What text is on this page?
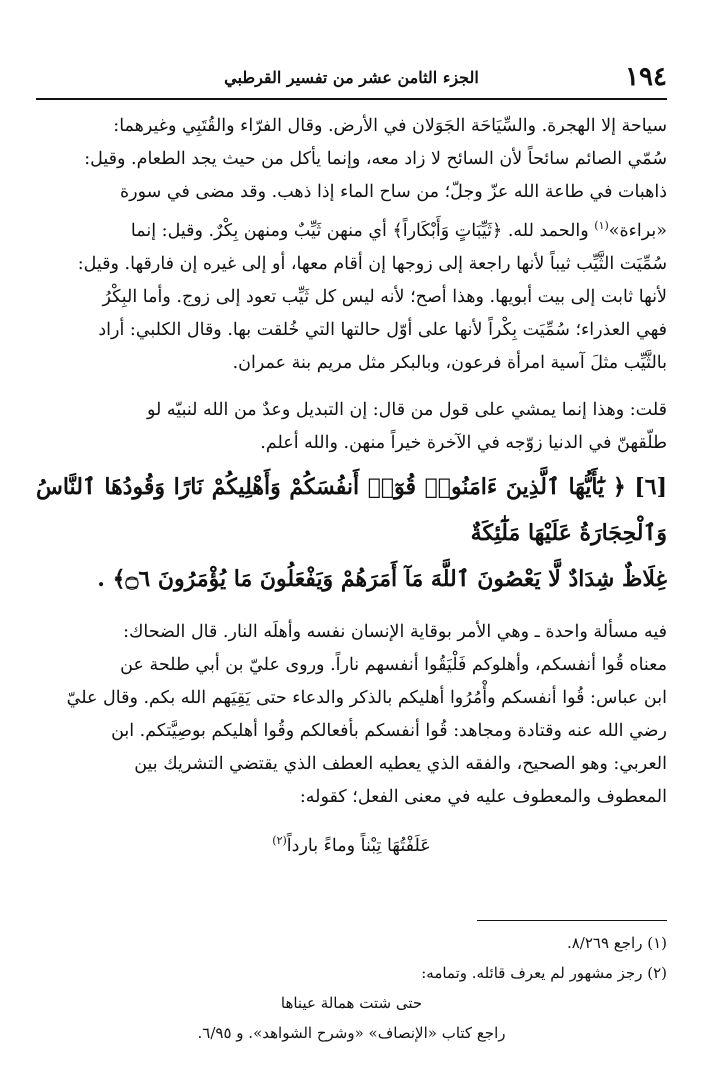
١٩٤
الجزء الثامن عشر من تفسير القرطبي

سياحة إلا الهجرة. والسِّيَاحَة الجَوَلان في الأرض. وقال الفرّاء والقُتَبِي وغيرهما:

سُمّي الصائم سائحاً لأن السائح لا زاد معه، وإنما يأكل من حيث يجد الطعام. وقيل:

ذاهبات في طاعة الله عزّ وجلّ؛ من ساح الماء إذا ذهب. وقد مضى في سورة

«براءة»$^{(١)}$ والحمد لله. ﴿ثَيِّبَاتٍ وَأَبْكَاراً﴾ أي منهن ثَيِّبٌ ومنهن بِكْرٌ. وقيل: إنما

سُمِّيَت الثَّيِّب ثيباً لأنها راجعة إلى زوجها إن أقام معها، أو إلى غيره إن فارقها. وقيل:

لأنها ثابت إلى بيت أبويها. وهذا أصح؛ لأنه ليس كل ثَيِّب تعود إلى زوج. وأما البِكْرُ

فهي العذراء؛ سُمِّيَت بِكْراً لأنها على أوّل حالتها التي خُلقت بها. وقال الكلبي: أراد

بالثَّيِّب مثلَ آسية امرأة فرعون، وبالبكر مثل مريم بنة عمران.

قلت: وهذا إنما يمشي على قول من قال: إن التبديل وعدٌ من الله لنبيّه لو

طلّقهنّ في الدنيا زوّجه في الآخرة خيراً منهن. والله أعلم.

[٦] ﴿ يَٰٓأَيُّهَا ٱلَّذِينَ ءَامَنُوا۟ قُوٓا۟ أَنفُسَكُمْ وَأَهْلِيكُمْ نَارًا وَقُودُهَا ٱلنَّاسُ وَٱلْحِجَارَةُ عَلَيْهَا مَلَٰٓئِكَةٌ
غِلَاظٌ شِدَادٌ لَّا يَعْصُونَ ٱللَّهَ مَآ أَمَرَهُمْ وَيَفْعَلُونَ مَا يُؤْمَرُونَ ۝٦﴾ .

فيه مسألة واحدة ـ وهي الأمر بوقاية الإنسان نفسه وأهلَه النار. قال الضحاك:

معناه قُوا أنفسكم، وأهلوكم فَلْيَقُوا أنفسهم ناراً. وروى عليّ بن أبي طلحة عن

ابن عباس: قُوا أنفسكم وأْمُرُوا أهليكم بالذكر والدعاء حتى يَقِيَهم الله بكم. وقال عليّ

رضي الله عنه وقتادة ومجاهد: قُوا أنفسكم بأفعالكم وقُوا أهليكم بوصِيَّتكم. ابن

العربي: وهو الصحيح، والفقه الذي يعطيه العطف الذي يقتضي التشريك بين

المعطوف والمعطوف عليه في معنى الفعل؛ كقوله:

عَلَفْتُهَا تِبْناً وماءً بارداً$^{(٢)}$

(١) راجع ٨/٢٦٩.

(٢) رجز مشهور لم يعرف قائله. وتمامه:

حتى شتت همالة عيناها

راجع كتاب «الإنصاف» «وشرح الشواهد». و ٦/٩٥.
